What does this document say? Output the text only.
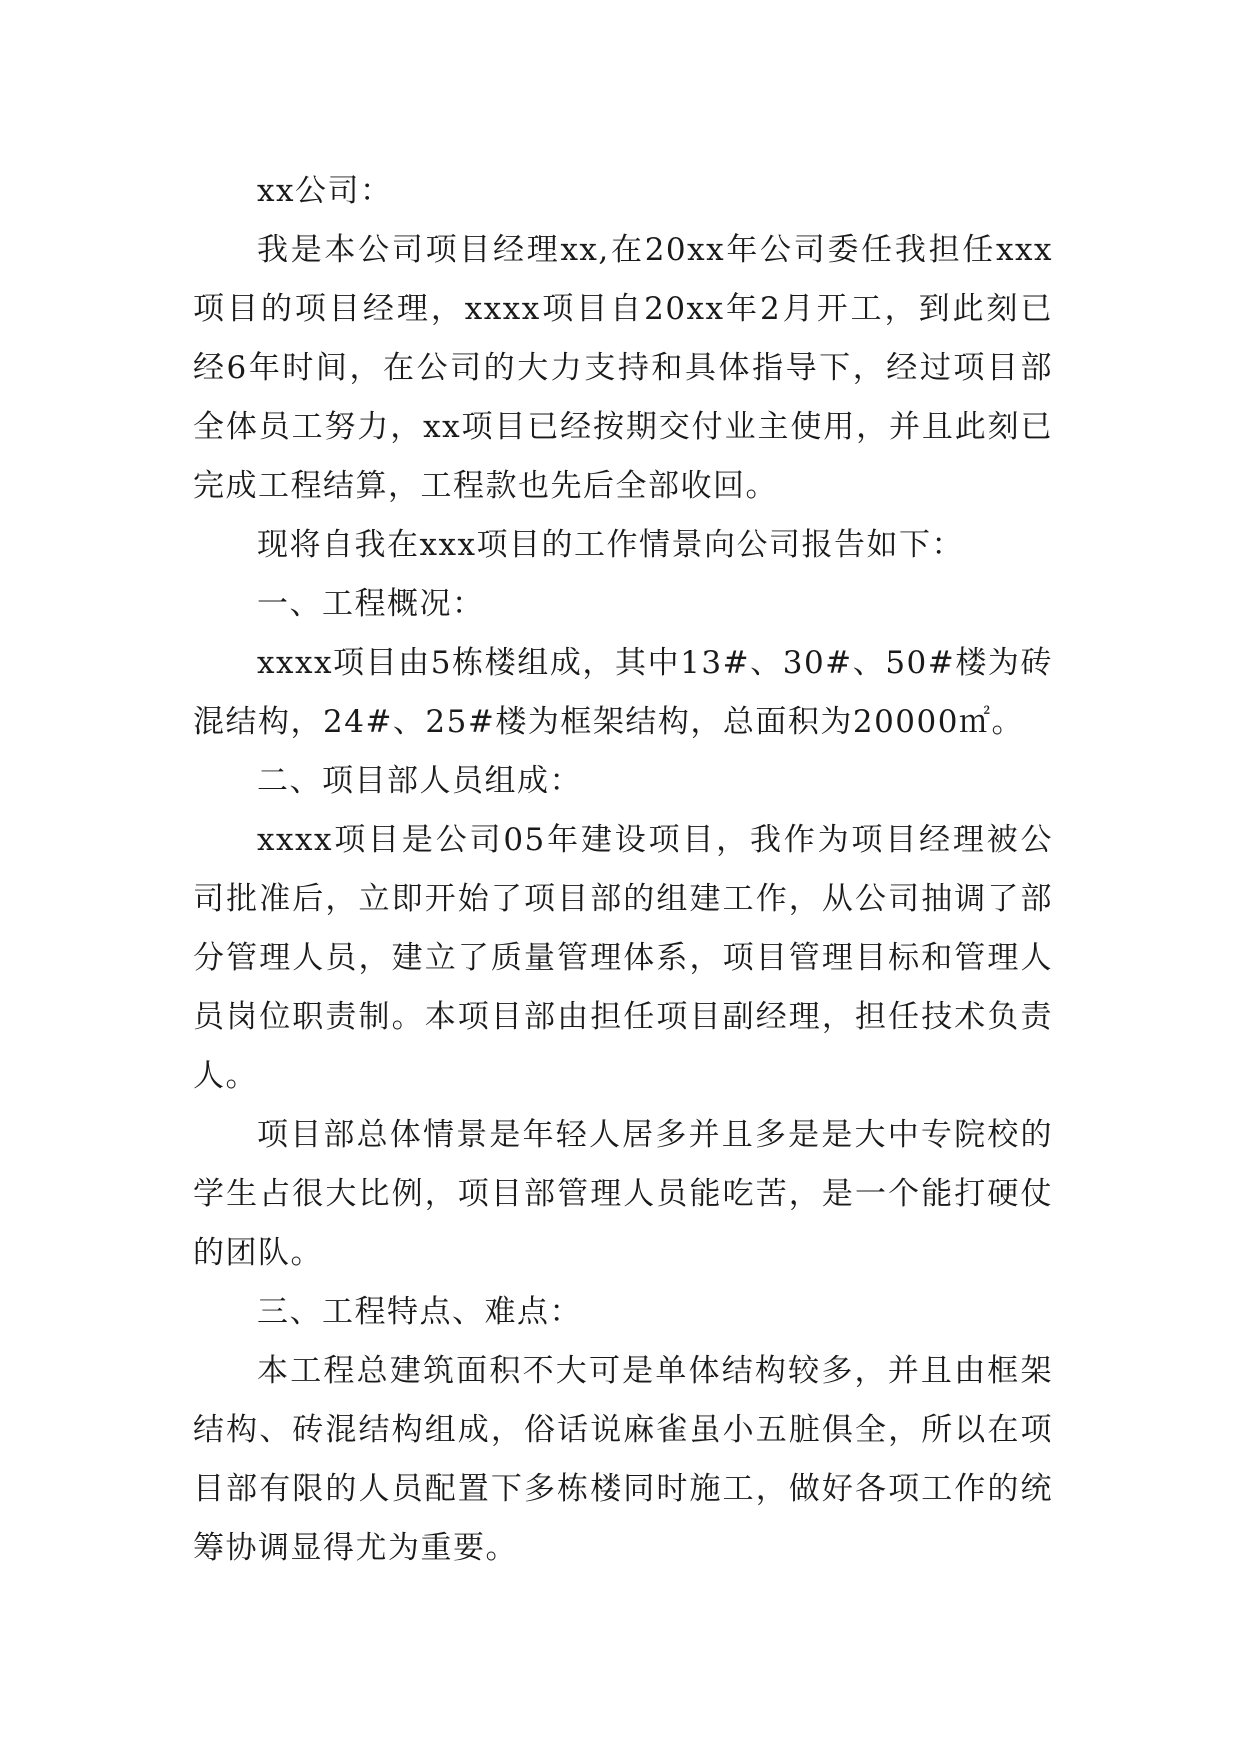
xx公司：

我是本公司项目经理xx,在20xx年公司委任我担任xxx项目的项目经理，xxxx项目自20xx年2月开工，到此刻已经6年时间，在公司的大力支持和具体指导下，经过项目部全体员工努力，xx项目已经按期交付业主使用，并且此刻已完成工程结算，工程款也先后全部收回。

现将自我在xxx项目的工作情景向公司报告如下：

一、工程概况：

xxxx项目由5栋楼组成，其中13#、30#、50#楼为砖混结构，24#、25#楼为框架结构，总面积为20000㎡。

二、项目部人员组成：

xxxx项目是公司05年建设项目，我作为项目经理被公司批准后，立即开始了项目部的组建工作，从公司抽调了部分管理人员，建立了质量管理体系，项目管理目标和管理人员岗位职责制。本项目部由担任项目副经理，担任技术负责人。

项目部总体情景是年轻人居多并且多是是大中专院校的学生占很大比例，项目部管理人员能吃苦，是一个能打硬仗的团队。

三、工程特点、难点：

本工程总建筑面积不大可是单体结构较多，并且由框架结构、砖混结构组成，俗话说麻雀虽小五脏俱全，所以在项目部有限的人员配置下多栋楼同时施工，做好各项工作的统筹协调显得尤为重要。
